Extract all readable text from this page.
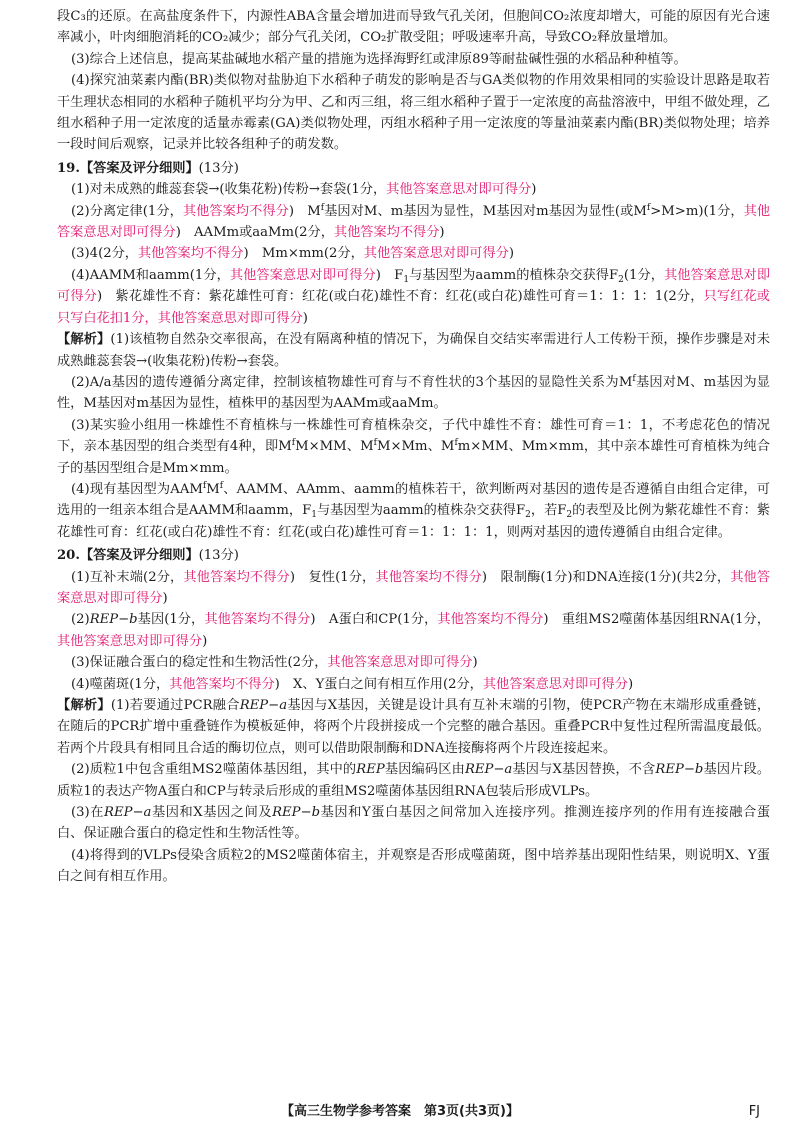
段C₃的还原。在高盐度条件下，内源性ABA含量会增加进而导致气孔关闭，但胞间CO₂浓度却增大，可能的原因有光合速率减小，叶肉细胞消耗的CO₂减少；部分气孔关闭，CO₂扩散受阻；呼吸速率升高，导致CO₂释放量增加。

(3)综合上述信息，提高某盐碱地水稻产量的措施为选择海野红或津原89等耐盐碱性强的水稻品种种植等。

(4)探究油菜素内酯(BR)类似物对盐胁迫下水稻种子萌发的影响是否与GA类似物的作用效果相同的实验设计思路是取若干生理状态相同的水稻种子随机平均分为甲、乙和丙三组，将三组水稻种子置于一定浓度的高盐溶液中，甲组不做处理，乙组水稻种子用一定浓度的适量赤霉素(GA)类似物处理，丙组水稻种子用一定浓度的等量油菜素内酯(BR)类似物处理；培养一段时间后观察，记录并比较各组种子的萌发数。

19.【答案及评分细则】(13分)

(1)对未成熟的雌蕊套袋→(收集花粉)传粉→套袋(1分，其他答案意思对即可得分)

(2)分离定律(1分，其他答案均不得分)　$M^f$基因对M、m基因为显性，M基因对m基因为显性(或$M^f>M>m)(1$分，其他答案意思对即可得分)　AAMm或aaMm(2分，其他答案均不得分)

(3)4(2分，其他答案均不得分)　Mm×mm(2分，其他答案意思对即可得分)

(4)AAMM和aamm(1分，其他答案意思对即可得分)　$F_1$与基因型为aamm的植株杂交获得$F_2(1$分，其他答案意思对即可得分)　紫花雄性不育：紫花雄性可育：红花(或白花)雄性不育：红花(或白花)雄性可育＝1：1：1：1(2分，只写红花或只写白花扣1分，其他答案意思对即可得分)

【解析】(1)该植物自然杂交率很高，在没有隔离种植的情况下，为确保自交结实率需进行人工传粉干预，操作步骤是对未成熟雌蕊套袋→(收集花粉)传粉→套袋。

(2)A/a基因的遗传遵循分离定律，控制该植物雄性可育与不育性状的3个基因的显隐性关系为$M^f$基因对M、m基因为显性，M基因对m基因为显性，植株甲的基因型为AAMm或aaMm。

(3)某实验小组用一株雄性不育植株与一株雄性可育植株杂交，子代中雄性不育：雄性可育＝1：1，不考虑花色的情况下，亲本基因型的组合类型有4种，即$M^fM\times MM$、$M^fM\times Mm$、$M^fm\times MM$、Mm×mm，其中亲本雄性可育植株为纯合子的基因型组合是Mm×mm。

(4)现有基因型为$AAM^fM^f$、AAMM、AAmm、aamm的植株若干，欲判断两对基因的遗传是否遵循自由组合定律，可选用的一组亲本组合是AAMM和aamm，$F_1$与基因型为aamm的植株杂交获得$F_2$，若$F_2$的表型及比例为紫花雄性不育：紫花雄性可育：红花(或白花)雄性不育：红花(或白花)雄性可育＝1：1：1：1，则两对基因的遗传遵循自由组合定律。

20.【答案及评分细则】(13分)

(1)互补末端(2分，其他答案均不得分)　复性(1分，其他答案均不得分)　限制酶(1分)和DNA连接(1分)(共2分，其他答案意思对即可得分)

(2)REP−b基因(1分，其他答案均不得分)　A蛋白和CP(1分，其他答案均不得分)　重组MS2噬菌体基因组RNA(1分，其他答案意思对即可得分)

(3)保证融合蛋白的稳定性和生物活性(2分，其他答案意思对即可得分)

(4)噬菌斑(1分，其他答案均不得分)　X、Y蛋白之间有相互作用(2分，其他答案意思对即可得分)

【解析】(1)若要通过PCR融合REP−a基因与X基因，关键是设计具有互补末端的引物，使PCR产物在末端形成重叠链，在随后的PCR扩增中重叠链作为模板延伸，将两个片段拼接成一个完整的融合基因。重叠PCR中复性过程所需温度最低。若两个片段具有相同且合适的酶切位点，则可以借助限制酶和DNA连接酶将两个片段连接起来。

(2)质粒1中包含重组MS2噬菌体基因组，其中的REP基因编码区由REP−a基因与X基因替换，不含REP−b基因片段。质粒1的表达产物A蛋白和CP与转录后形成的重组MS2噬菌体基因组RNA包装后形成VLPs。

(3)在REP−a基因和X基因之间及REP−b基因和Y蛋白基因之间常加入连接序列。推测连接序列的作用有连接融合蛋白、保证融合蛋白的稳定性和生物活性等。

(4)将得到的VLPs侵染含质粒2的MS2噬菌体宿主，并观察是否形成噬菌斑，图中培养基出现阳性结果，则说明X、Y蛋白之间有相互作用。

【高三生物学参考答案　第3页(共3页)】	FJ
